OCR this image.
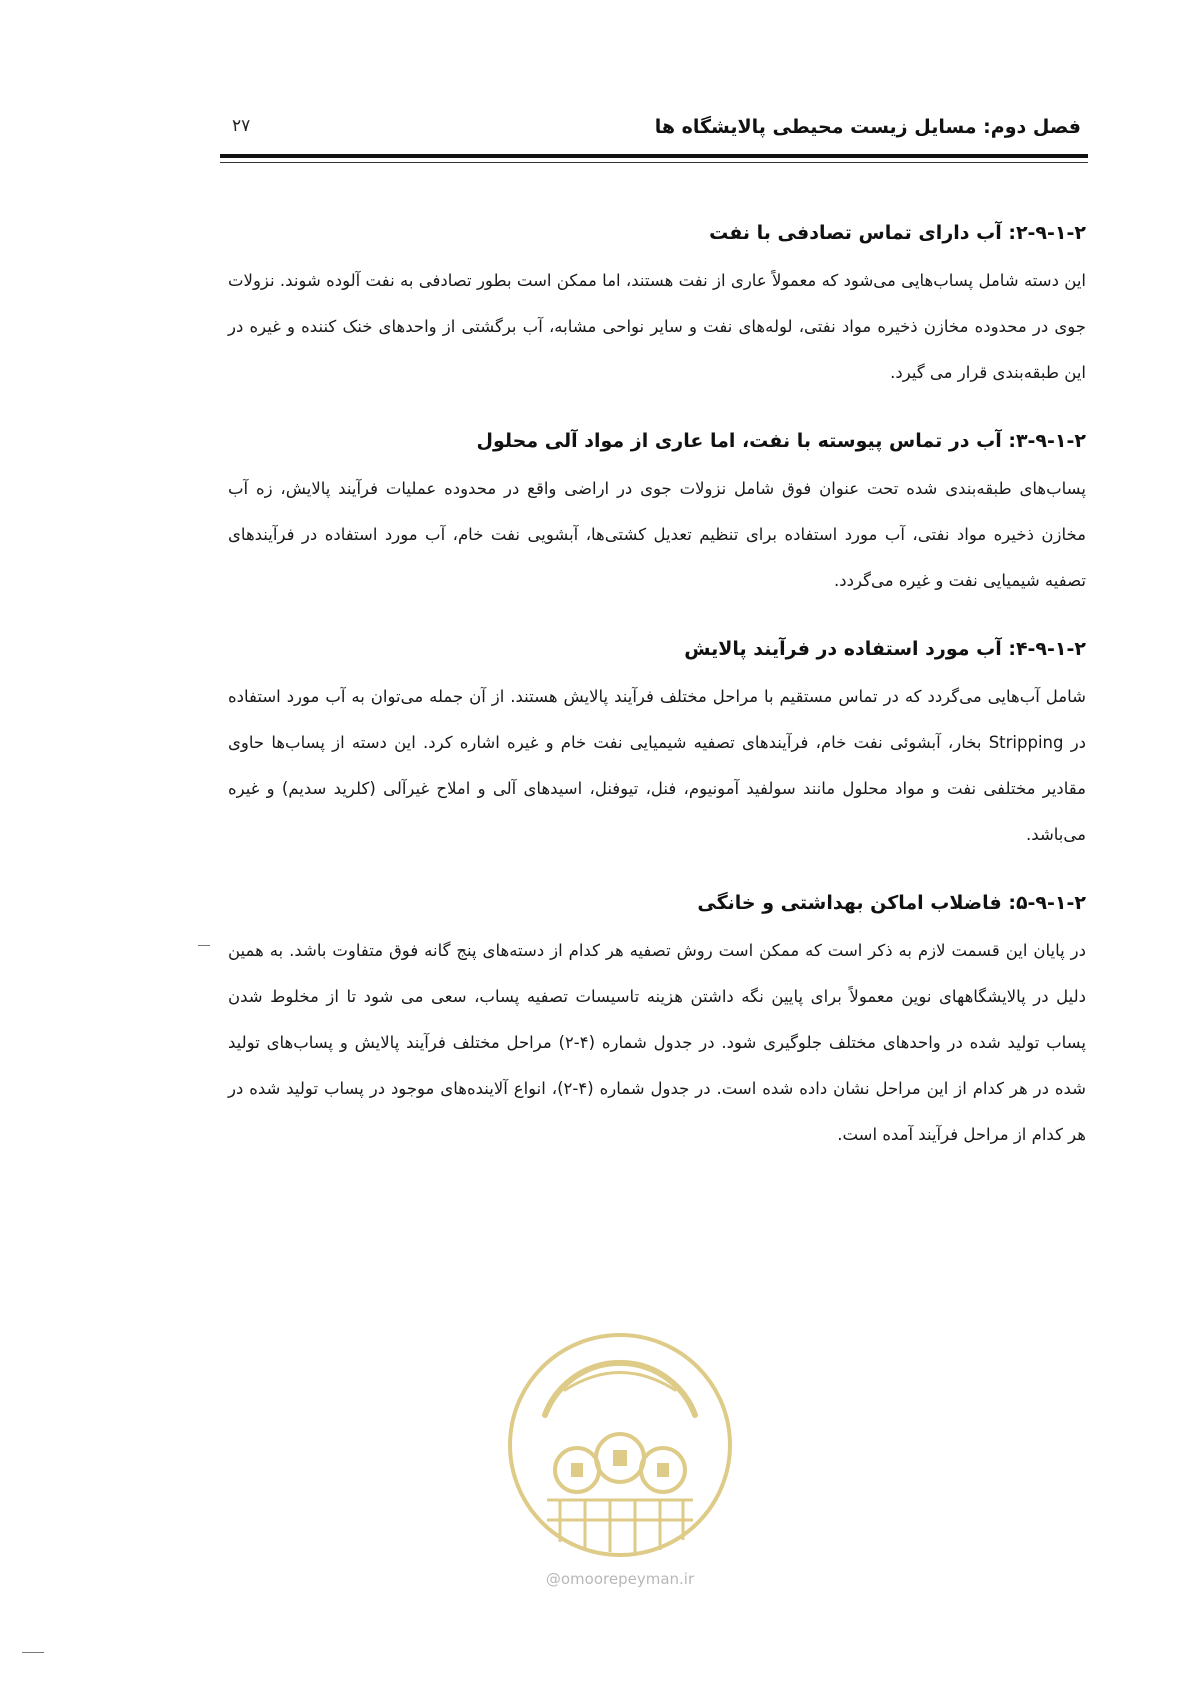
فصل دوم: مسایل زیست محیطی پالایشگاه ها
۲۷
۲-۹-۱-۲: آب دارای تماس تصادفی با نفت

این دسته شامل پساب‌هایی می‌شود که معمولاً عاری از نفت هستند، اما ممکن است بطور تصادفی به نفت آلوده شوند. نزولات جوی در محدوده مخازن ذخیره مواد نفتی، لوله‌های نفت و سایر نواحی مشابه، آب برگشتی از واحدهای خنک کننده و غیره در این طبقه‌بندی قرار می گیرد.

۳-۹-۱-۲: آب در تماس پیوسته با نفت، اما عاری از مواد آلی محلول

پساب‌های طبقه‌بندی شده تحت عنوان فوق شامل نزولات جوی در اراضی واقع در محدوده عملیات فرآیند پالایش، زه آب مخازن ذخیره مواد نفتی، آب مورد استفاده برای تنظیم تعدیل کشتی‌ها، آبشویی نفت خام، آب مورد استفاده در فرآیندهای تصفیه شیمیایی نفت و غیره می‌گردد.

۴-۹-۱-۲: آب مورد استفاده در فرآیند پالایش

شامل آب‌هایی می‌گردد که در تماس مستقیم با مراحل مختلف فرآیند پالایش هستند. از آن جمله می‌توان به آب مورد استفاده در Stripping بخار، آبشوئی نفت خام، فرآیندهای تصفیه شیمیایی نفت خام و غیره اشاره کرد. این دسته از پساب‌ها حاوی مقادیر مختلفی نفت و مواد محلول مانند سولفید آمونیوم، فنل، تیوفنل، اسیدهای آلی و املاح غیرآلی (کلرید سدیم) و غیره می‌باشد.

۵-۹-۱-۲: فاضلاب اماکن بهداشتی و خانگی

در پایان این قسمت لازم به ذکر است که ممکن است روش تصفیه هر کدام از دسته‌های پنج گانه فوق متفاوت باشد. به همین دلیل در پالایشگاههای نوین معمولاً برای پایین نگه داشتن هزینه تاسیسات تصفیه پساب، سعی می شود تا از مخلوط شدن پساب تولید شده در واحدهای مختلف جلوگیری شود. در جدول شماره (۴-۲) مراحل مختلف فرآیند پالایش و پساب‌های تولید شده در هر کدام از این مراحل نشان داده شده است. در جدول شماره (۴-۲)، انواع آلاینده‌های موجود در پساب تولید شده در هر کدام از مراحل فرآیند آمده است.

@omoorepeyman.ir
